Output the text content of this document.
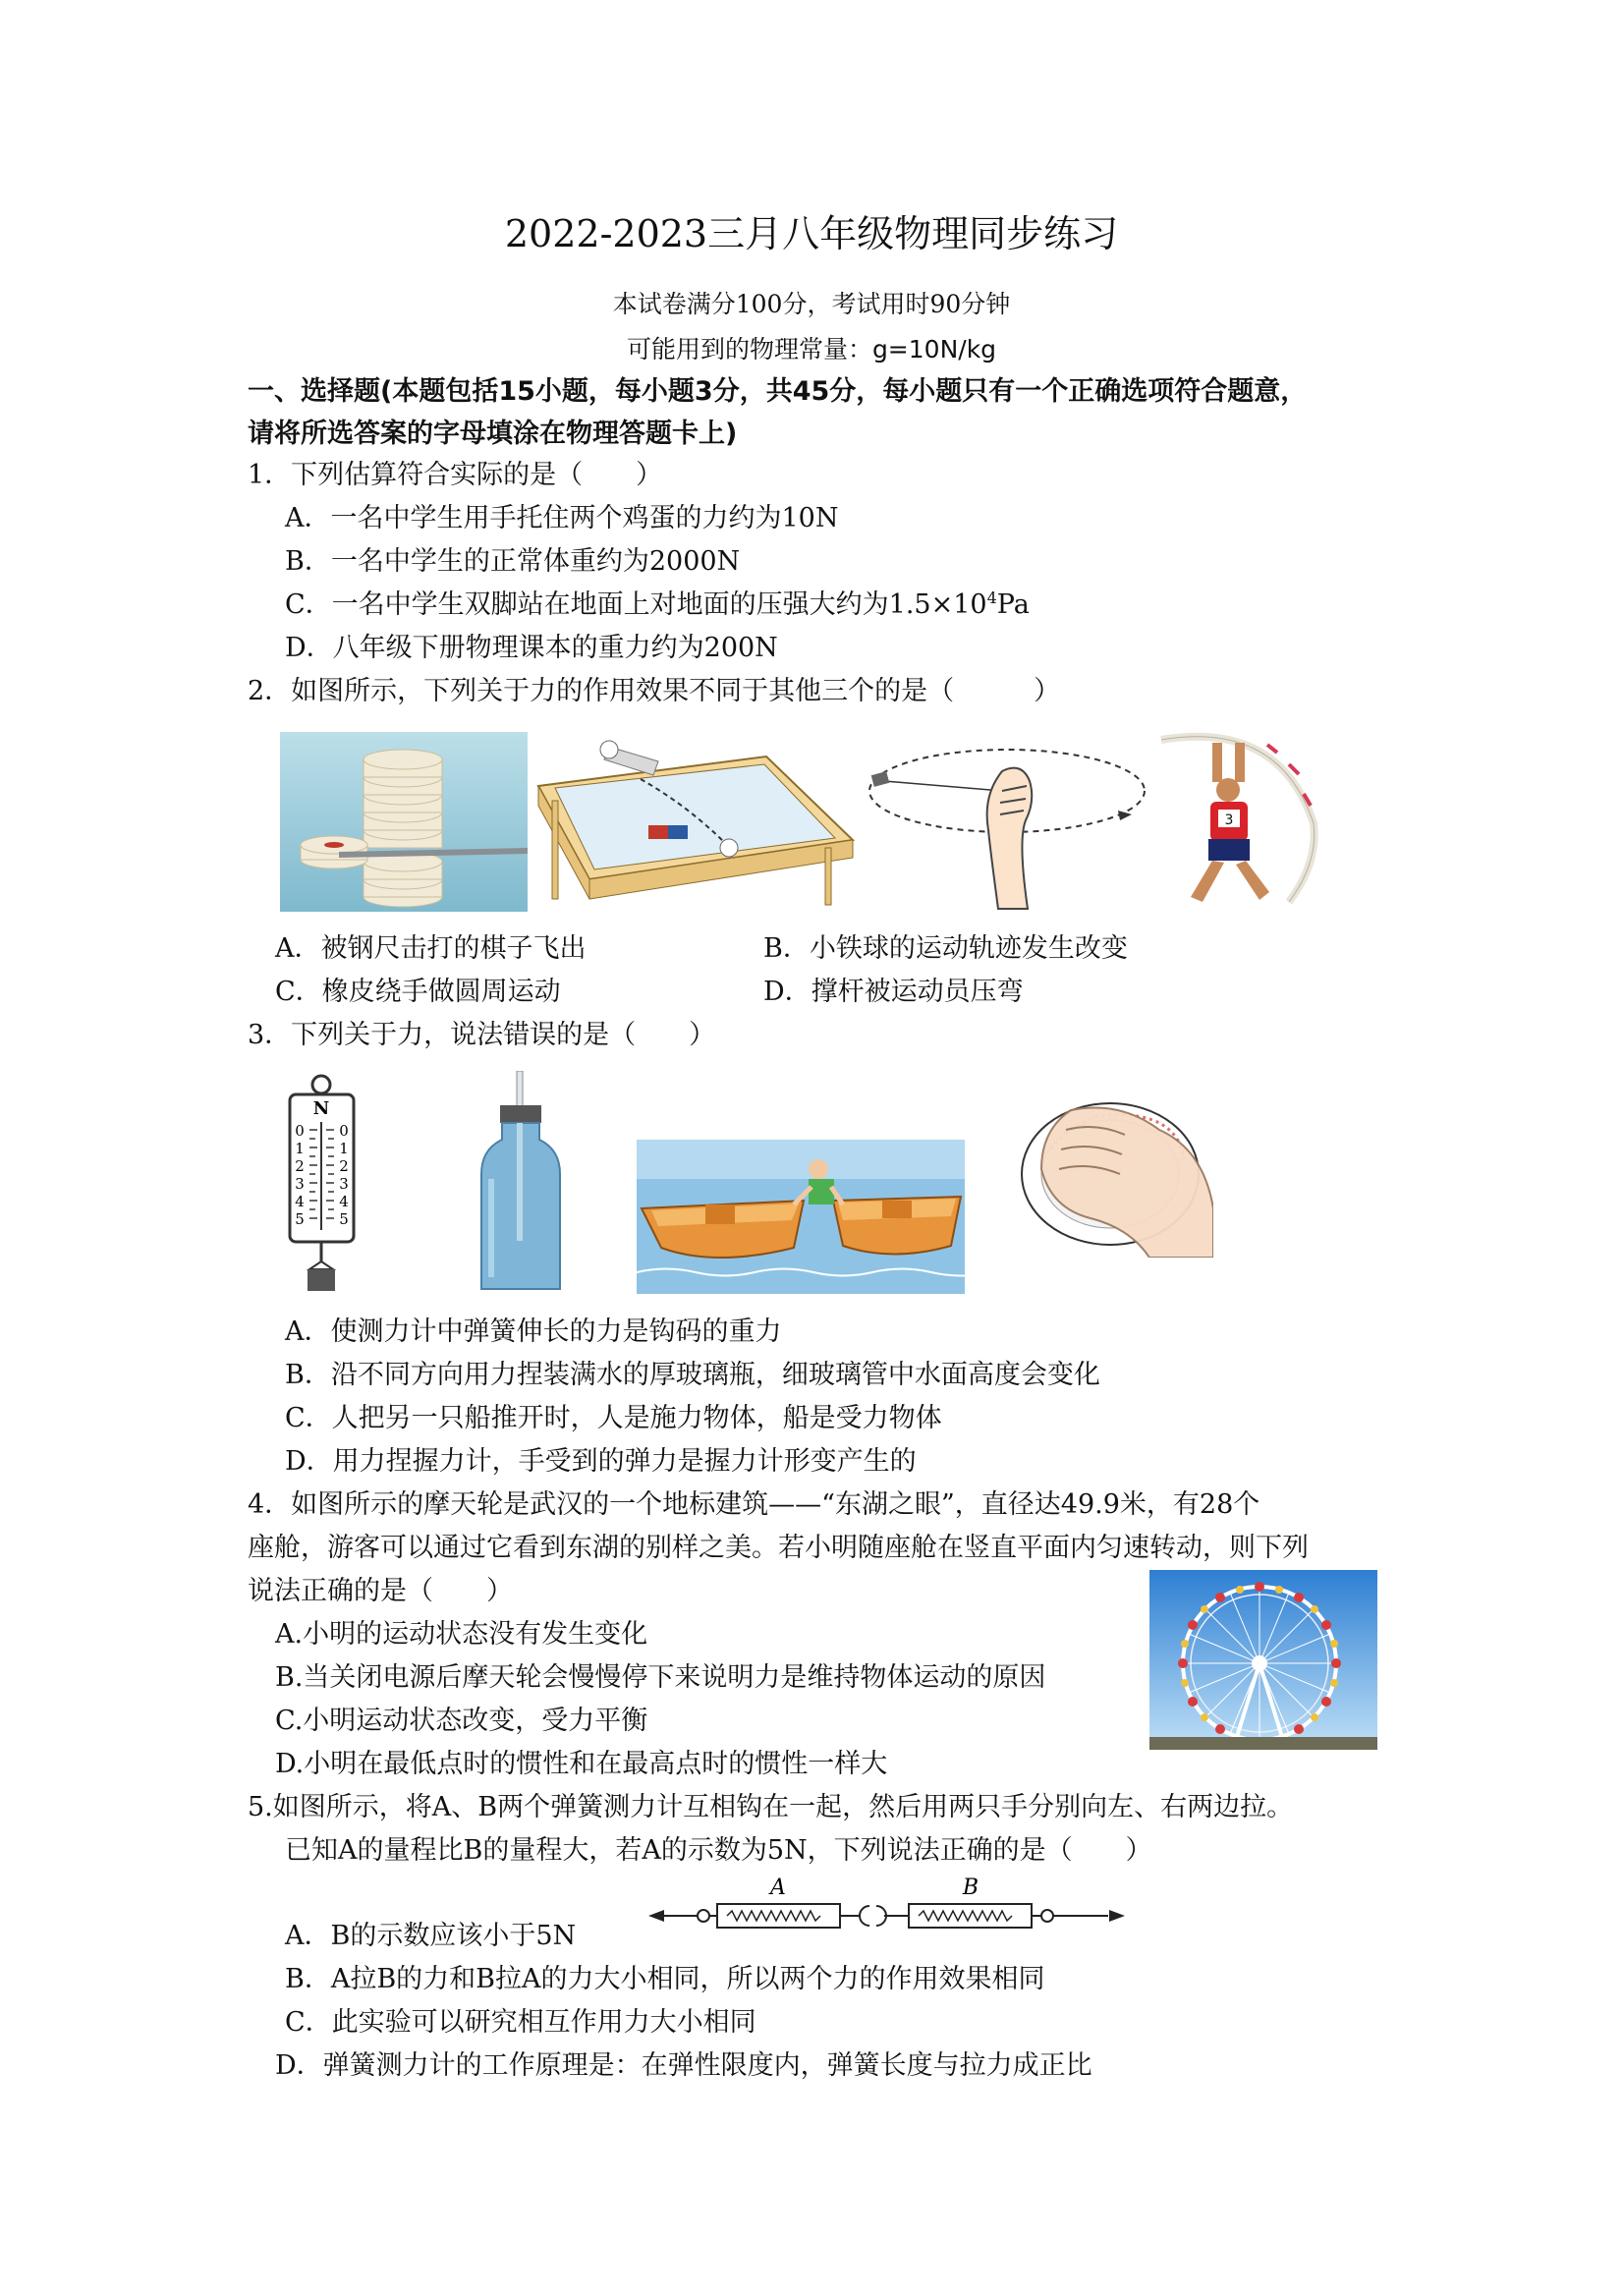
2022-2023三月八年级物理同步练习
本试卷满分100分，考试用时90分钟
可能用到的物理常量：g=10N/kg
一、选择题(本题包括15小题，每小题3分，共45分，每小题只有一个正确选项符合题意，
请将所选答案的字母填涂在物理答题卡上)
1．下列估算符合实际的是（　　）
A．一名中学生用手托住两个鸡蛋的力约为10N
B．一名中学生的正常体重约为2000N
C．一名中学生双脚站在地面上对地面的压强大约为$1.5\times 10^4Pa$
D．八年级下册物理课本的重力约为200N
2．如图所示，下列关于力的作用效果不同于其他三个的是（　　　）
3
A．被钢尺击打的棋子飞出	B．小铁球的运动轨迹发生改变
C．橡皮绕手做圆周运动	D．撑杆被运动员压弯
3．下列关于力，说法错误的是（　　）
N
0
1
2
3
4
5
0
1
2
3
4
5
A．使测力计中弹簧伸长的力是钩码的重力
B．沿不同方向用力捏装满水的厚玻璃瓶，细玻璃管中水面高度会变化
C．人把另一只船推开时，人是施力物体，船是受力物体
D．用力捏握力计，手受到的弹力是握力计形变产生的
4．如图所示的摩天轮是武汉的一个地标建筑——“东湖之眼”，直径达49.9米，有28个
座舱，游客可以通过它看到东湖的别样之美。若小明随座舱在竖直平面内匀速转动，则下列
说法正确的是（　　）
A.小明的运动状态没有发生变化
B.当关闭电源后摩天轮会慢慢停下来说明力是维持物体运动的原因
C.小明运动状态改变，受力平衡
D.小明在最低点时的惯性和在最高点时的惯性一样大
5.如图所示，将A、B两个弹簧测力计互相钩在一起，然后用两只手分别向左、右两边拉。
已知A的量程比B的量程大，若A的示数为5N，下列说法正确的是（　　）
A	B
A．B的示数应该小于5N
B．A拉B的力和B拉A的力大小相同，所以两个力的作用效果相同
C．此实验可以研究相互作用力大小相同
D．弹簧测力计的工作原理是：在弹性限度内，弹簧长度与拉力成正比
